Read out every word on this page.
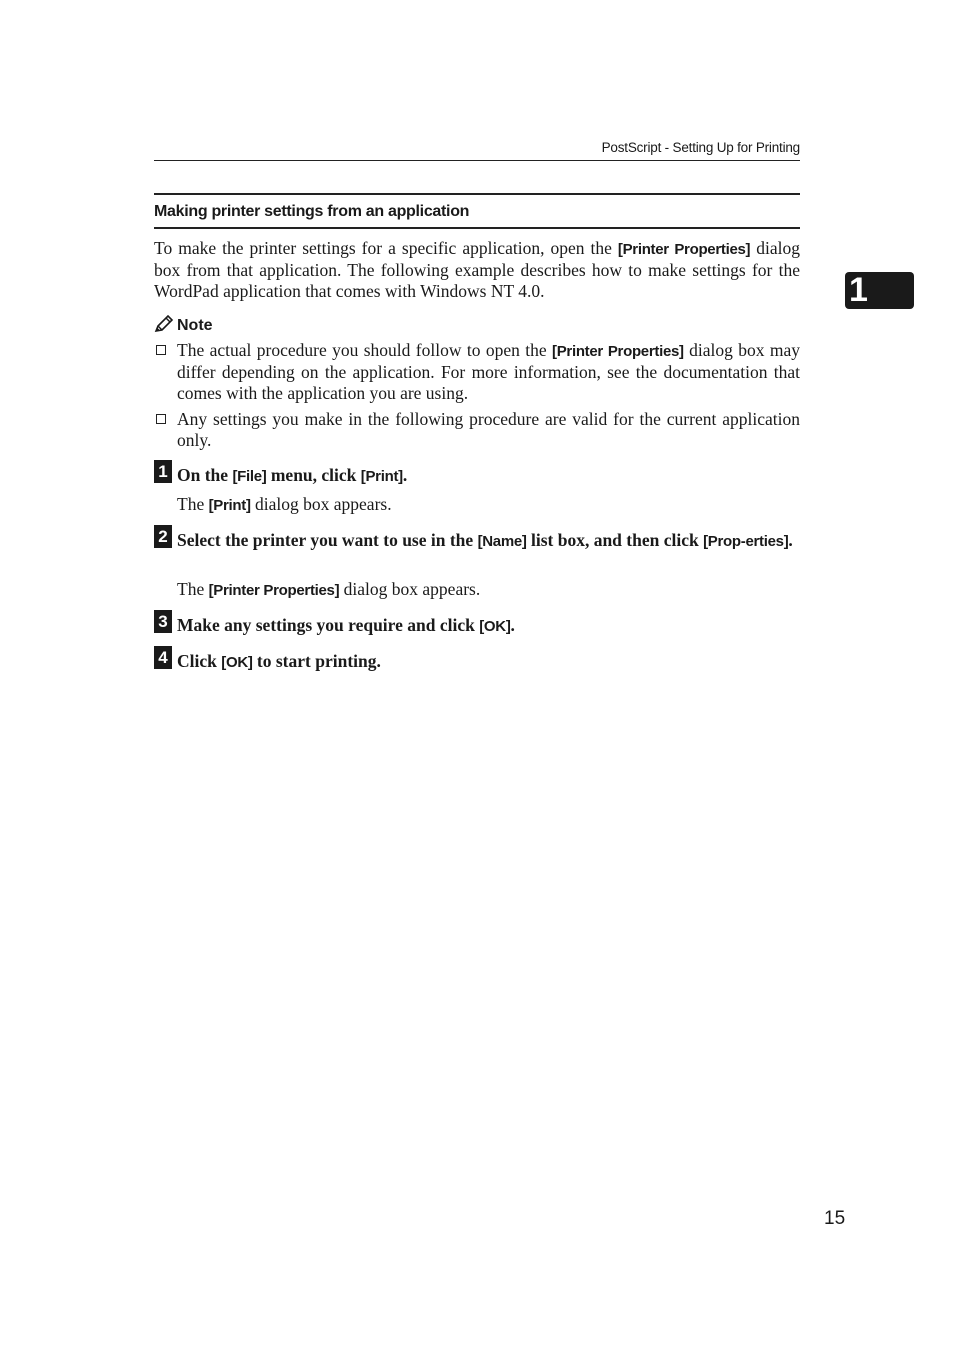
PostScript - Setting Up for Printing
Making printer settings from an application
To make the printer settings for a specific application, open the [Printer Properties] dialog box from that application. The following example describes how to make settings for the WordPad application that comes with Windows NT 4.0.
Note
The actual procedure you should follow to open the [Printer Properties] dialog box may differ depending on the application. For more information, see the documentation that comes with the application you are using.
Any settings you make in the following procedure are valid for the current application only.
1 On the [File] menu, click [Print].
The [Print] dialog box appears.
2 Select the printer you want to use in the [Name] list box, and then click [Prop-erties].
The [Printer Properties] dialog box appears.
3 Make any settings you require and click [OK].
4 Click [OK] to start printing.
1
15
